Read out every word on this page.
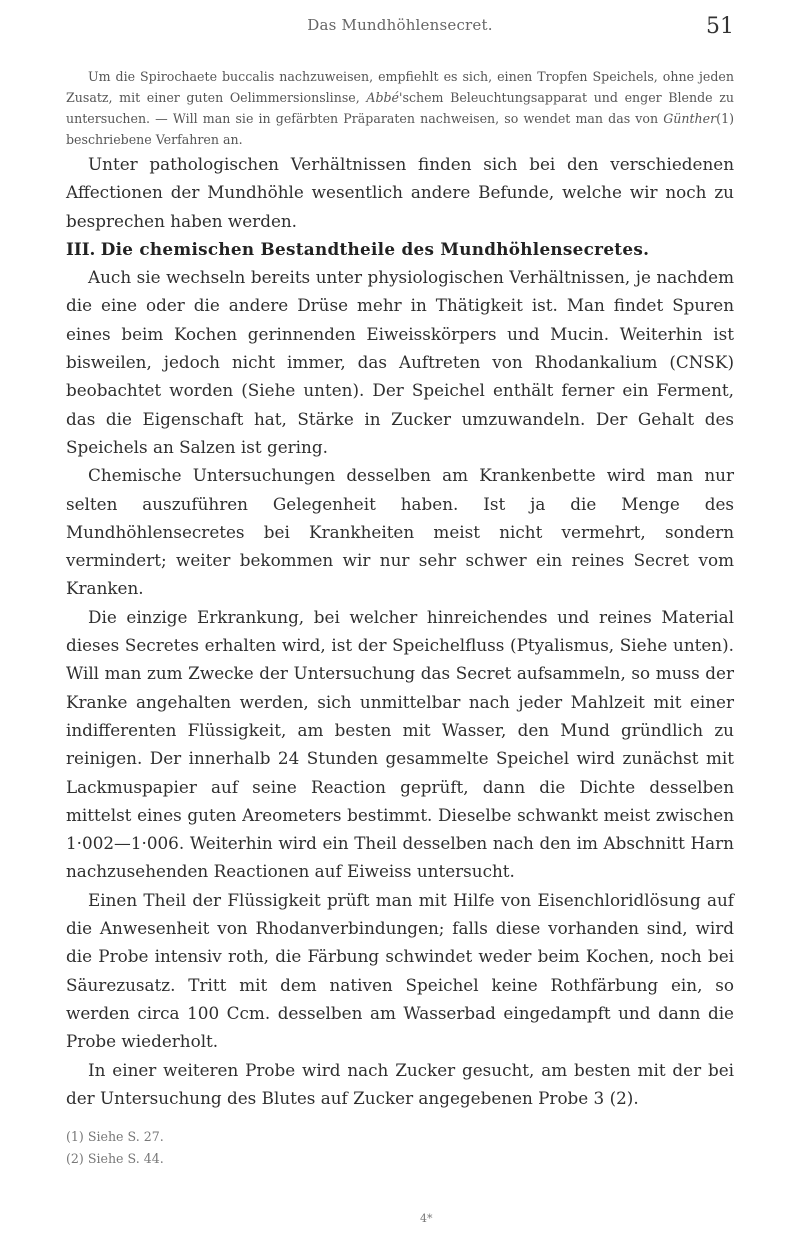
Das Mundhöhlensecret.	51

Um die Spirochaete buccalis nachzuweisen, empfiehlt es sich, einen Tropfen Speichels, ohne jeden Zusatz, mit einer guten Oelimmersionslinse, Abbé'schem Beleuchtungsapparat und enger Blende zu untersuchen. — Will man sie in gefärbten Präparaten nachweisen, so wendet man das von Günther(1) beschriebene Verfahren an.

Unter pathologischen Verhältnissen finden sich bei den verschiedenen Affectionen der Mundhöhle wesentlich andere Befunde, welche wir noch zu besprechen haben werden.

III. Die chemischen Bestandtheile des Mundhöhlensecretes.

Auch sie wechseln bereits unter physiologischen Verhältnissen, je nachdem die eine oder die andere Drüse mehr in Thätigkeit ist. Man findet Spuren eines beim Kochen gerinnenden Eiweisskörpers und Mucin. Weiterhin ist bisweilen, jedoch nicht immer, das Auftreten von Rhodankalium (CNSK) beobachtet worden (Siehe unten). Der Speichel enthält ferner ein Ferment, das die Eigenschaft hat, Stärke in Zucker umzuwandeln. Der Gehalt des Speichels an Salzen ist gering.

Chemische Untersuchungen desselben am Krankenbette wird man nur selten auszuführen Gelegenheit haben. Ist ja die Menge des Mundhöhlensecretes bei Krankheiten meist nicht vermehrt, sondern vermindert; weiter bekommen wir nur sehr schwer ein reines Secret vom Kranken.

Die einzige Erkrankung, bei welcher hinreichendes und reines Material dieses Secretes erhalten wird, ist der Speichelfluss (Ptyalismus, Siehe unten). Will man zum Zwecke der Untersuchung das Secret aufsammeln, so muss der Kranke angehalten werden, sich unmittelbar nach jeder Mahlzeit mit einer indifferenten Flüssigkeit, am besten mit Wasser, den Mund gründlich zu reinigen. Der innerhalb 24 Stunden gesammelte Speichel wird zunächst mit Lackmuspapier auf seine Reaction geprüft, dann die Dichte desselben mittelst eines guten Areometers bestimmt. Dieselbe schwankt meist zwischen 1·002—1·006. Weiterhin wird ein Theil desselben nach den im Abschnitt Harn nachzusehenden Reactionen auf Eiweiss untersucht.

Einen Theil der Flüssigkeit prüft man mit Hilfe von Eisenchloridlösung auf die Anwesenheit von Rhodanverbindungen; falls diese vorhanden sind, wird die Probe intensiv roth, die Färbung schwindet weder beim Kochen, noch bei Säurezusatz. Tritt mit dem nativen Speichel keine Rothfärbung ein, so werden circa 100 Ccm. desselben am Wasserbad eingedampft und dann die Probe wiederholt.

In einer weiteren Probe wird nach Zucker gesucht, am besten mit der bei der Untersuchung des Blutes auf Zucker angegebenen Probe 3 (2).

(1) Siehe S. 27.
(2) Siehe S. 44.
4*
